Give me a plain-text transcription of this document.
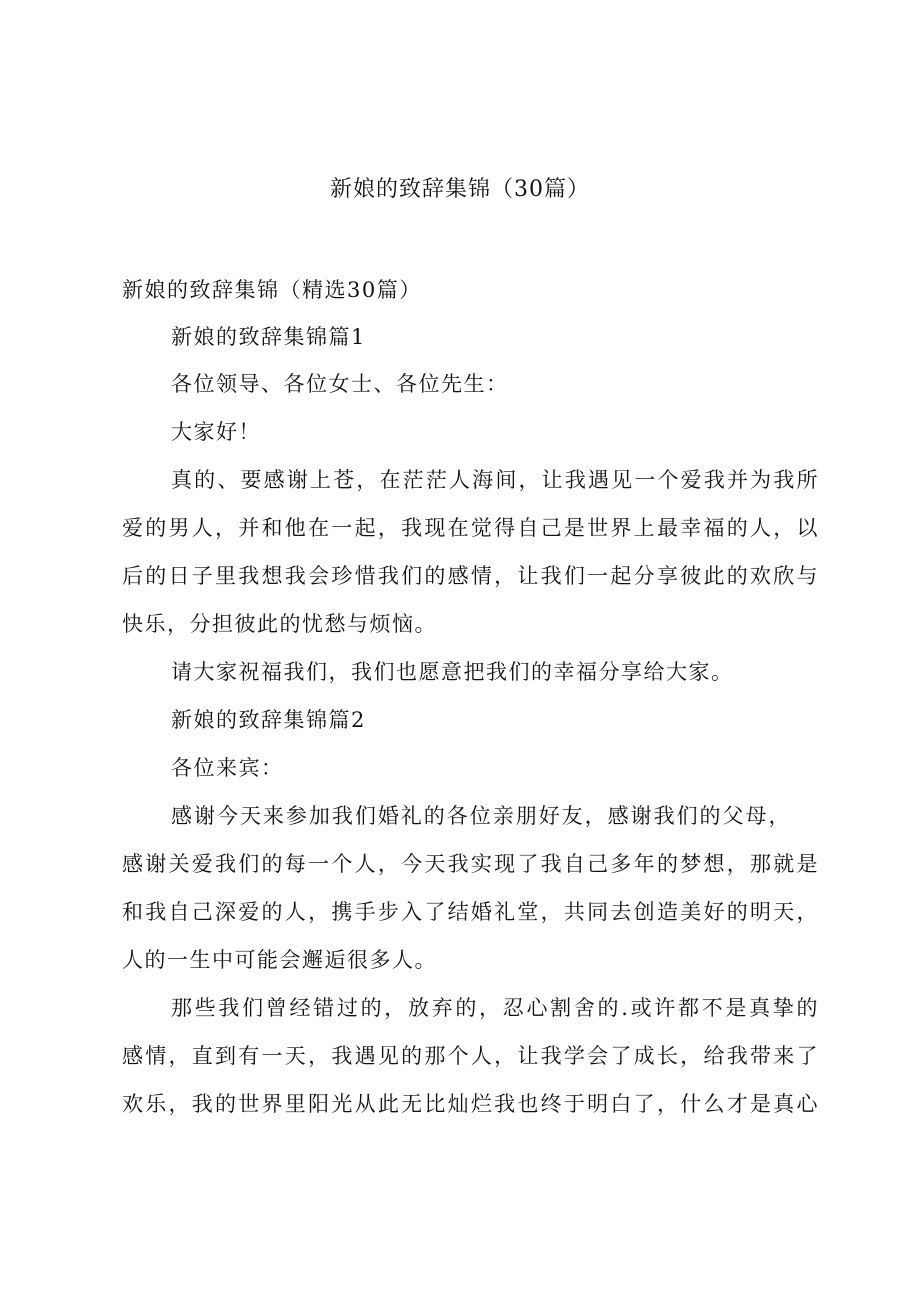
新娘的致辞集锦（30篇）
新娘的致辞集锦（精选30篇）
新娘的致辞集锦篇1
各位领导、各位女士、各位先生：
大家好！
真的、要感谢上苍，在茫茫人海间，让我遇见一个爱我并为我所
爱的男人，并和他在一起，我现在觉得自己是世界上最幸福的人，以
后的日子里我想我会珍惜我们的感情，让我们一起分享彼此的欢欣与
快乐，分担彼此的忧愁与烦恼。
请大家祝福我们，我们也愿意把我们的幸福分享给大家。
新娘的致辞集锦篇2
各位来宾：
感谢今天来参加我们婚礼的各位亲朋好友，感谢我们的父母，
感谢关爱我们的每一个人，今天我实现了我自己多年的梦想，那就是
和我自己深爱的人，携手步入了结婚礼堂，共同去创造美好的明天，
人的一生中可能会邂逅很多人。
那些我们曾经错过的，放弃的，忍心割舍的.或许都不是真挚的
感情，直到有一天，我遇见的那个人，让我学会了成长，给我带来了
欢乐，我的世界里阳光从此无比灿烂我也终于明白了，什么才是真心
